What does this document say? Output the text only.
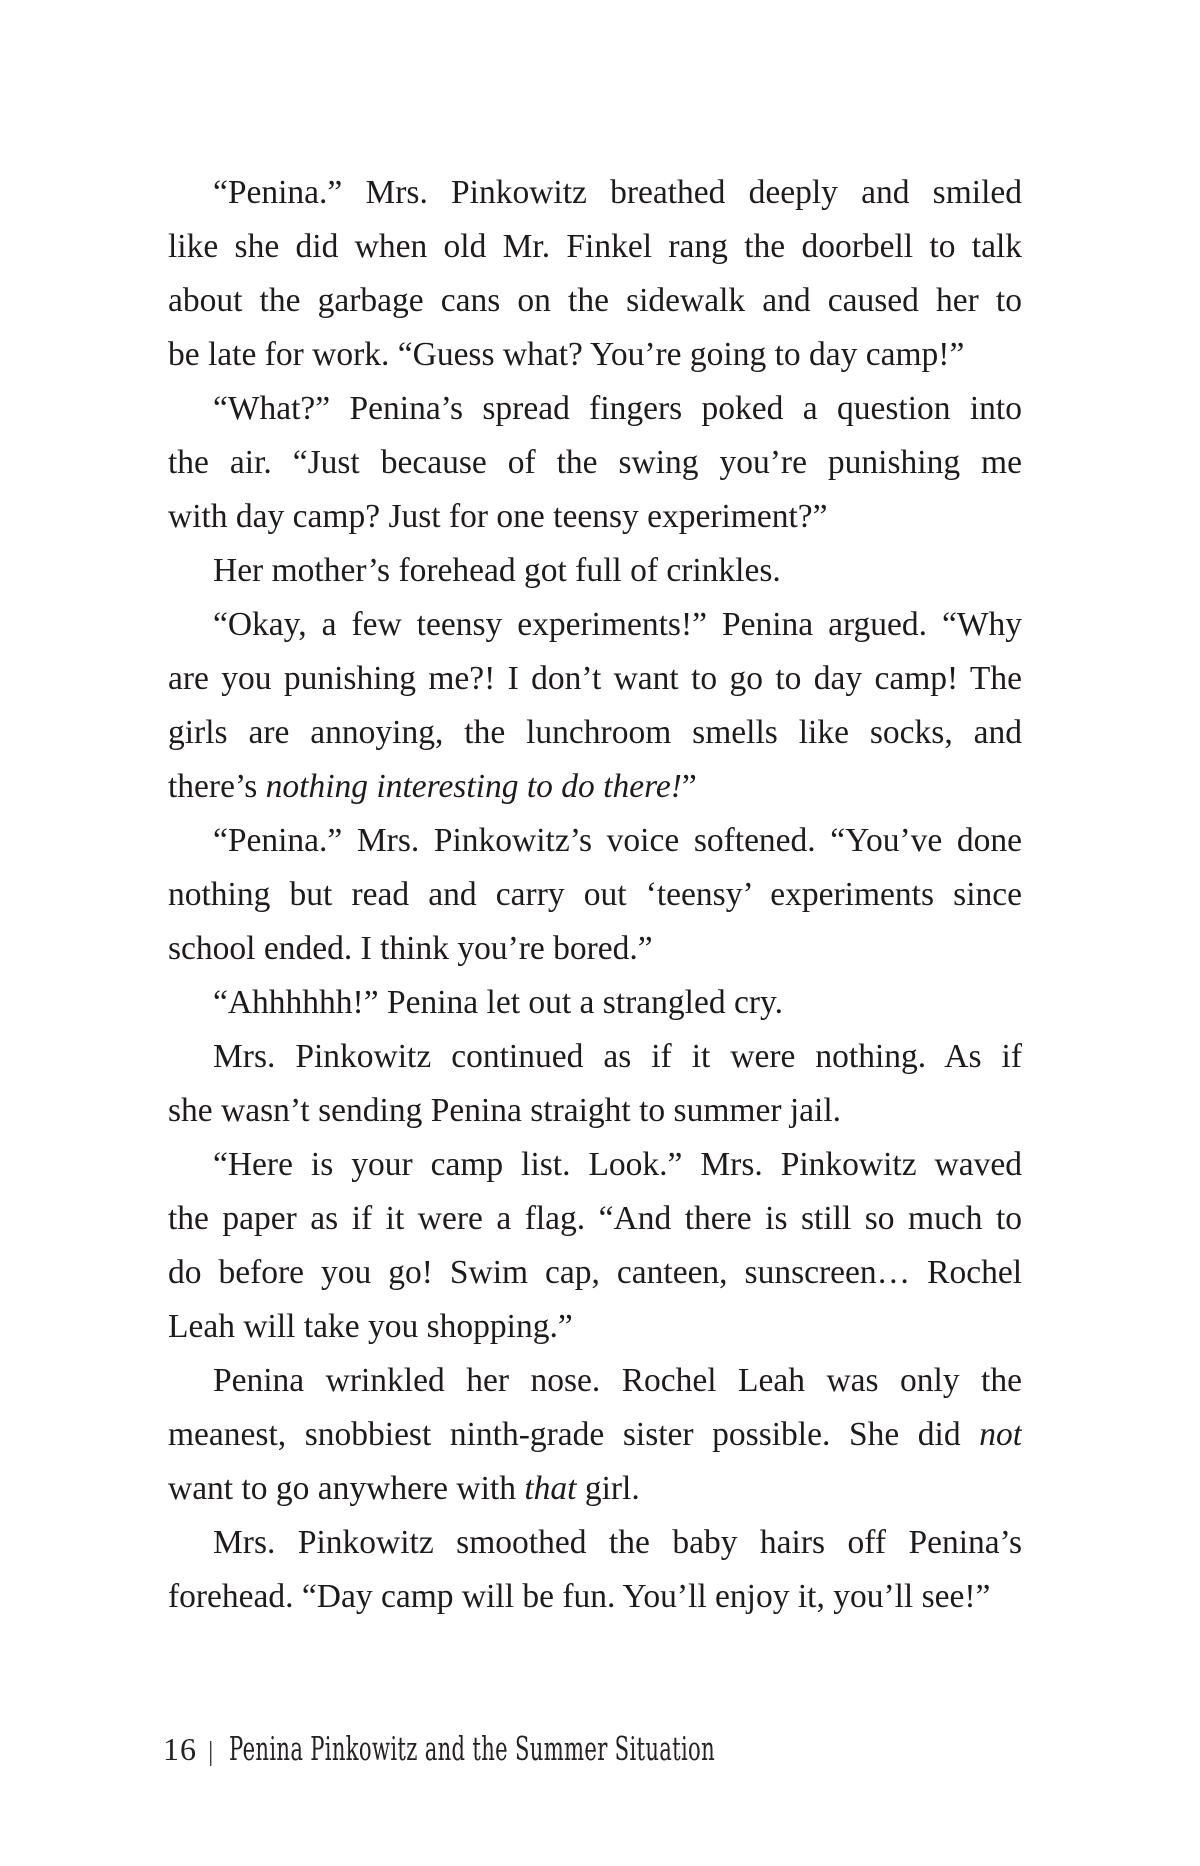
“Penina.” Mrs. Pinkowitz breathed deeply and smiled
like she did when old Mr. Finkel rang the doorbell to talk
about the garbage cans on the sidewalk and caused her to
be late for work. “Guess what? You’re going to day camp!”
“What?” Penina’s spread fingers poked a question into
the air. “Just because of the swing you’re punishing me
with day camp? Just for one teensy experiment?”
Her mother’s forehead got full of crinkles.
“Okay, a few teensy experiments!” Penina argued. “Why
are you punishing me?! I don’t want to go to day camp! The
girls are annoying, the lunchroom smells like socks, and
there’s nothing interesting to do there!”
“Penina.” Mrs. Pinkowitz’s voice softened. “You’ve done
nothing but read and carry out ‘teensy’ experiments since
school ended. I think you’re bored.”
“Ahhhhhh!” Penina let out a strangled cry.
Mrs. Pinkowitz continued as if it were nothing. As if
she wasn’t sending Penina straight to summer jail.
“Here is your camp list. Look.” Mrs. Pinkowitz waved
the paper as if it were a flag. “And there is still so much to
do before you go! Swim cap, canteen, sunscreen… Rochel
Leah will take you shopping.”
Penina wrinkled her nose. Rochel Leah was only the
meanest, snobbiest ninth-grade sister possible. She did not
want to go anywhere with that girl.
Mrs. Pinkowitz smoothed the baby hairs off Penina’s
forehead. “Day camp will be fun. You’ll enjoy it, you’ll see!”
16 | Penina Pinkowitz and the Summer Situation
